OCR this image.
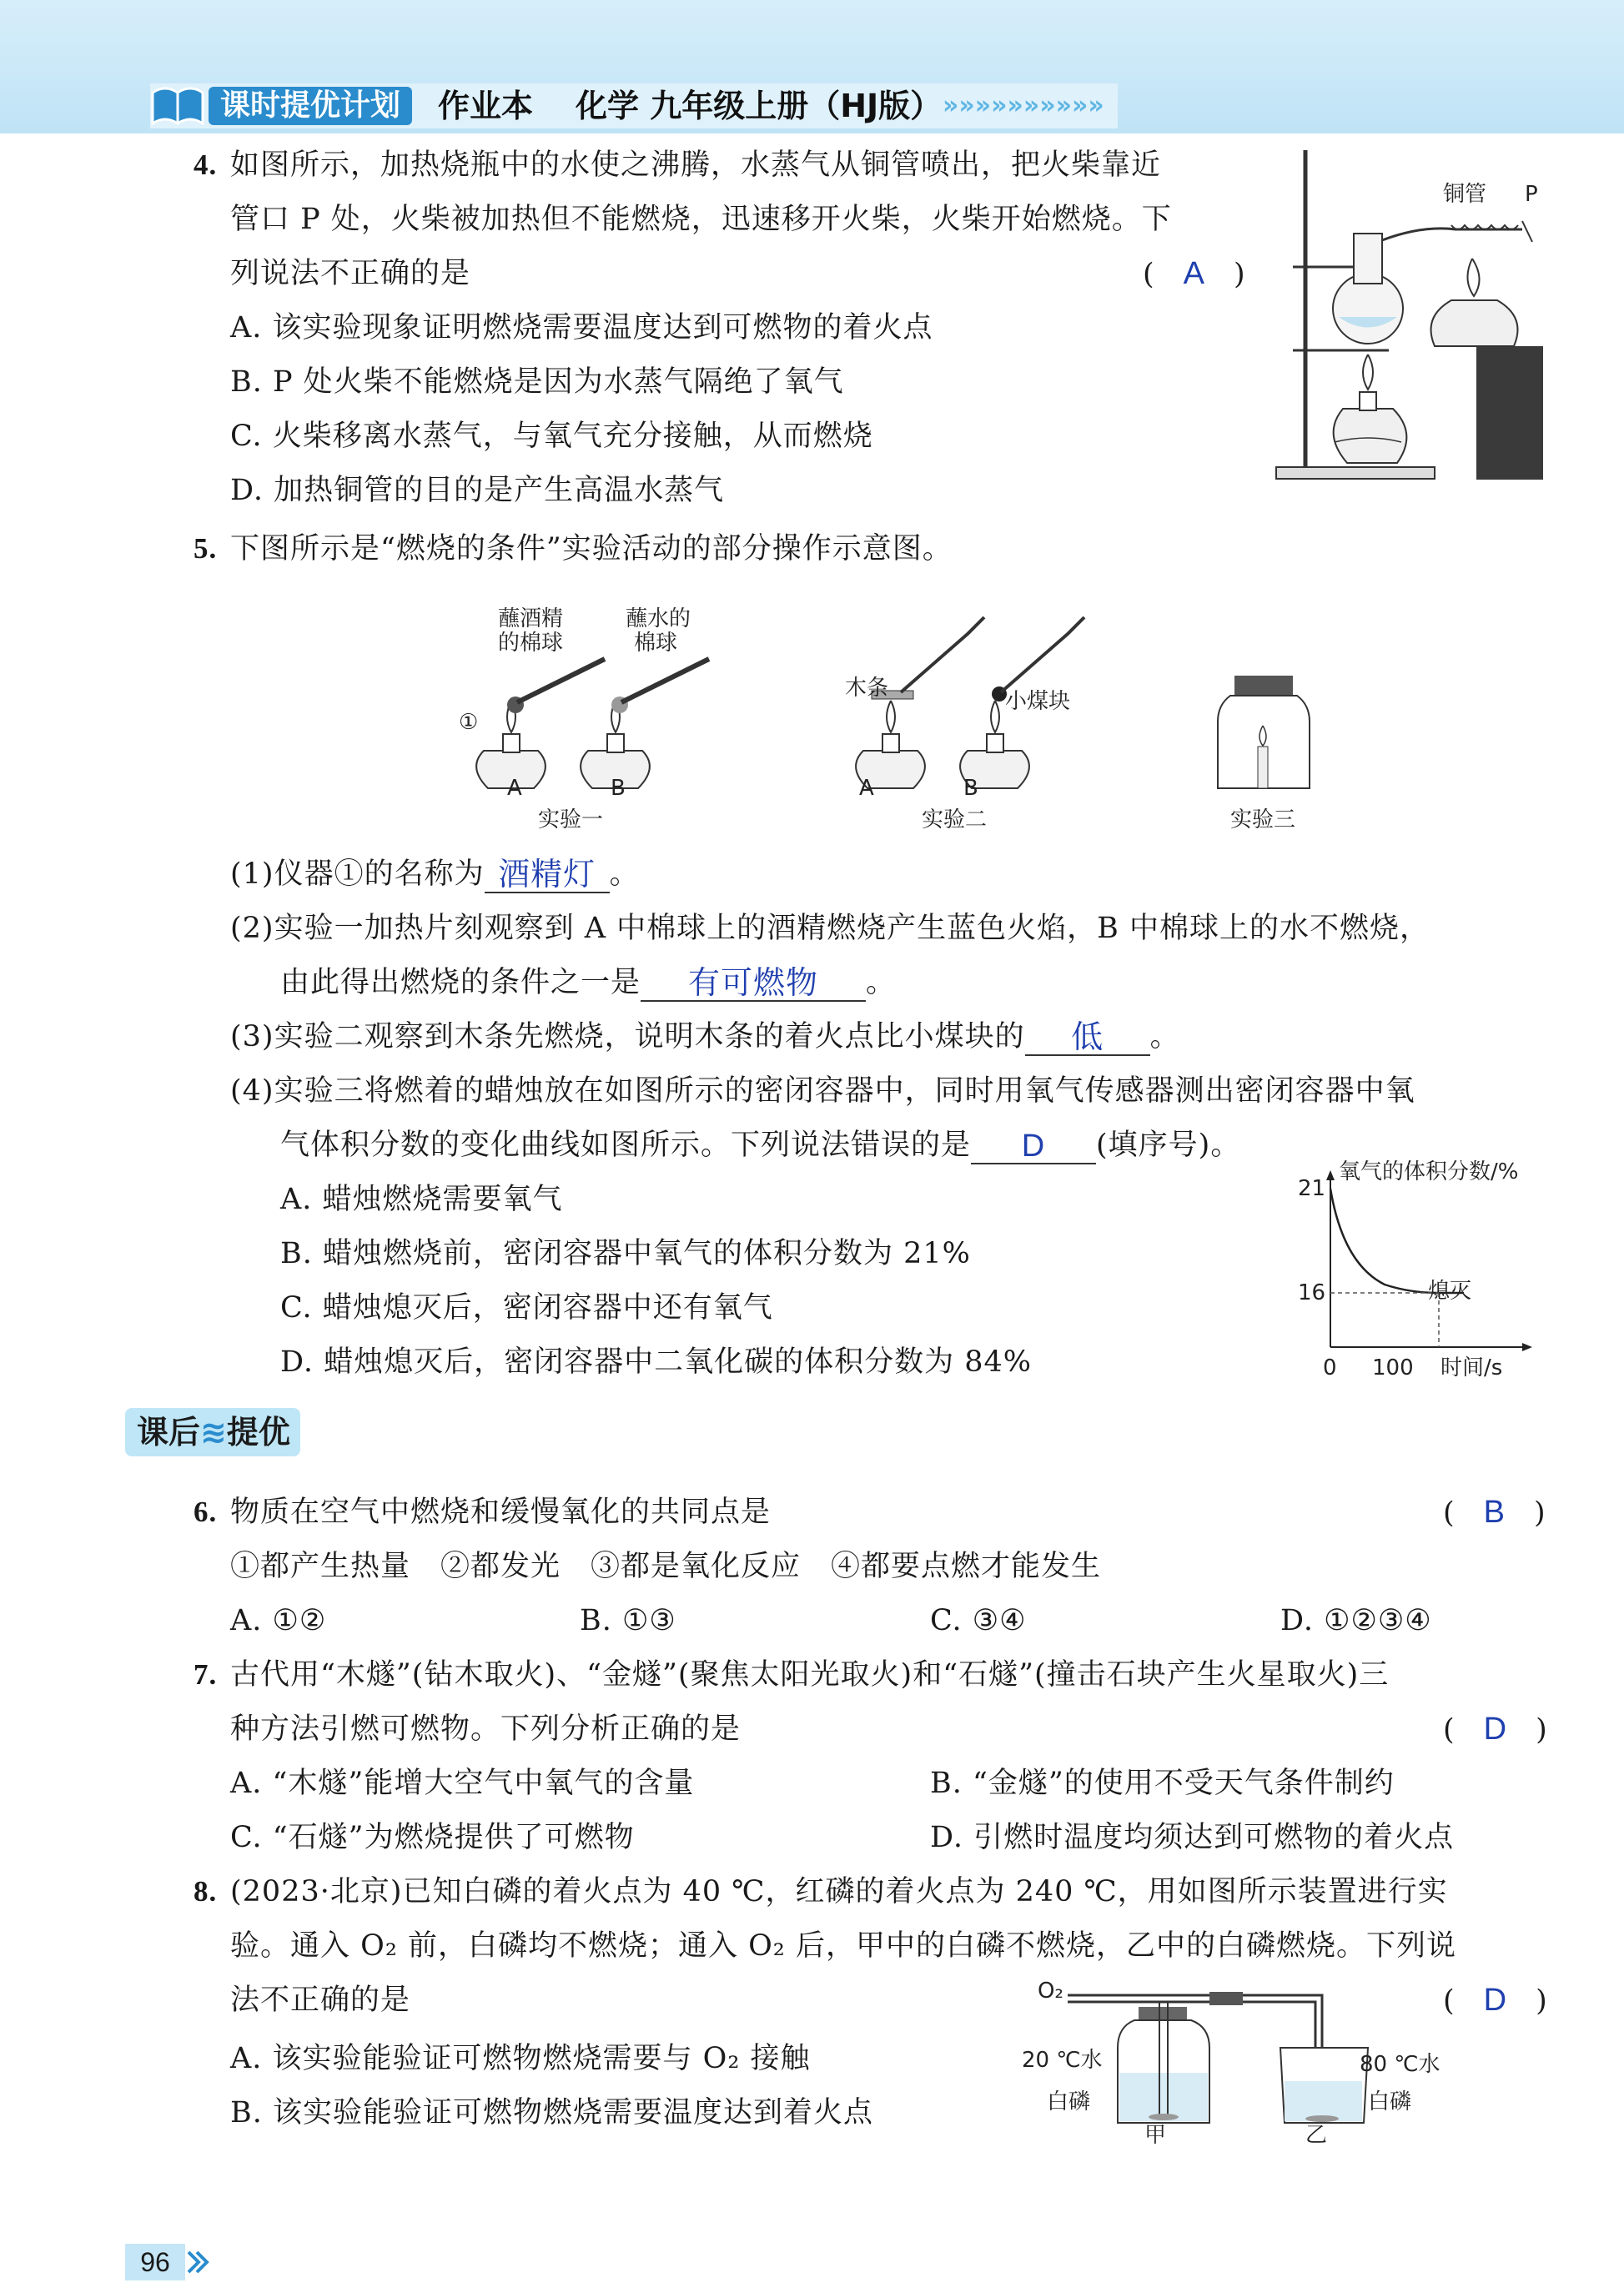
课时提优计划	作业本 化学 九年级上册（HJ版） »»»»»»»»»»
4. 如图所示，加热烧瓶中的水使之沸腾，水蒸气从铜管喷出，把火柴靠近
管口 P 处，火柴被加热但不能燃烧，迅速移开火柴，火柴开始燃烧。下
列说法不正确的是	(　A　)
A. 该实验现象证明燃烧需要温度达到可燃物的着火点
B. P 处火柴不能燃烧是因为水蒸气隔绝了氧气
C. 火柴移离水蒸气，与氧气充分接触，从而燃烧
D. 加热铜管的目的是产生高温水蒸气
铜管 P
5. 下图所示是“燃烧的条件”实验活动的部分操作示意图。
蘸酒精
的棉球
蘸水的
棉球
①
A	B
实验一
木条
小煤块
A	B
实验二	实验三
(1)仪器①的名称为 酒精灯 。
(2)实验一加热片刻观察到 A 中棉球上的酒精燃烧产生蓝色火焰，B 中棉球上的水不燃烧，
由此得出燃烧的条件之一是 有可燃物 。
(3)实验二观察到木条先燃烧，说明木条的着火点比小煤块的 低 。
(4)实验三将燃着的蜡烛放在如图所示的密闭容器中，同时用氧气传感器测出密闭容器中氧
气体积分数的变化曲线如图所示。下列说法错误的是 D (填序号)。
A. 蜡烛燃烧需要氧气
B. 蜡烛燃烧前，密闭容器中氧气的体积分数为 21%
C. 蜡烛熄灭后，密闭容器中还有氧气
D. 蜡烛熄灭后，密闭容器中二氧化碳的体积分数为 84%
氧气的体积分数/%
21
16	熄灭
0 100 时间/s
课后≋提优
6. 物质在空气中燃烧和缓慢氧化的共同点是	(　B　)
①都产生热量　②都发光　③都是氧化反应　④都要点燃才能发生
A. ①②	B. ①③	C. ③④	D. ①②③④
7. 古代用“木燧”(钻木取火)、“金燧”(聚焦太阳光取火)和“石燧”(撞击石块产生火星取火)三
种方法引燃可燃物。下列分析正确的是	(　D　)
A. “木燧”能增大空气中氧气的含量	B. “金燧”的使用不受天气条件制约
C. “石燧”为燃烧提供了可燃物	D. 引燃时温度均须达到可燃物的着火点
8. (2023·北京)已知白磷的着火点为 40 ℃，红磷的着火点为 240 ℃，用如图所示装置进行实
验。通入 O₂ 前，白磷均不燃烧；通入 O₂ 后，甲中的白磷不燃烧，乙中的白磷燃烧。下列说
法不正确的是	(　D　)
A. 该实验能验证可燃物燃烧需要与 O₂ 接触
B. 该实验能验证可燃物燃烧需要温度达到着火点
O₂
20 ℃水
白磷
甲
80 ℃水
白磷
乙
96
